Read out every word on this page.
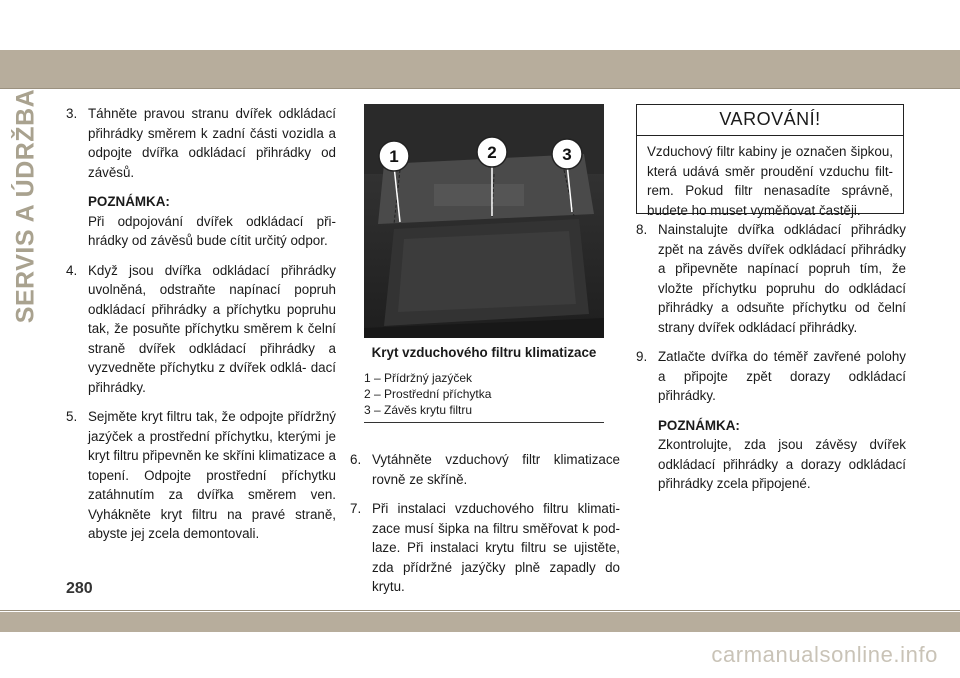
SERVIS A ÚDRŽBA 3. Táhněte pravou stranu dvířek odkládací přihrádky směrem k zadní části vozidla a odpojte dvířka odkládací přihrádky od závěsů.
POZNÁMKA:
Při odpojování dvířek odkládací při- hrádky od závěsů bude cítit určitý odpor.
4. Když jsou dvířka odkládací přihrádky uvolněná, odstraňte napínací popruh odkládací přihrádky a příchytku popruhu tak, že posuňte příchytku směrem k čelní straně dvířek odkládací přihrádky a vyzvedněte příchytku z dvířek odklá- dací přihrádky.
5. Sejměte kryt filtru tak, že odpojte přídržný jazýček a prostřední příchytku, kterými je kryt filtru připevněn ke skříni klimatizace a topení. Odpojte prostřední příchytku zatáhnutím za dvířka směrem ven. Vyhákněte kryt filtru na pravé straně, abyste jej zcela demontovali.
1	2	3
Kryt vzduchového filtru klimatizace
1 – Přídržný jazýček
2 – Prostřední příchytka
3 – Závěs krytu filtru
6. Vytáhněte vzduchový filtr klimatizace rovně ze skříně.
7. Při instalaci vzduchového filtru klimati- zace musí šipka na filtru směřovat k pod- laze. Při instalaci krytu filtru se ujistěte, zda přídržné jazýčky plně zapadly do krytu.
VAROVÁNÍ!
Vzduchový filtr kabiny je označen šipkou, která udává směr proudění vzduchu filt- rem. Pokud filtr nenasadíte správně, budete ho muset vyměňovat častěji.
8. Nainstalujte dvířka odkládací přihrádky zpět na závěs dvířek odkládací přihrádky a připevněte napínací popruh tím, že vložte příchytku popruhu do odkládací přihrádky a odsuňte příchytku od čelní strany dvířek odkládací přihrádky.
9. Zatlačte dvířka do téměř zavřené polohy a připojte zpět dorazy odkládací přihrádky.
POZNÁMKA:
Zkontrolujte, zda jsou závěsy dvířek odkládací přihrádky a dorazy odkládací přihrádky zcela připojené.
280
carmanualsonline.info
